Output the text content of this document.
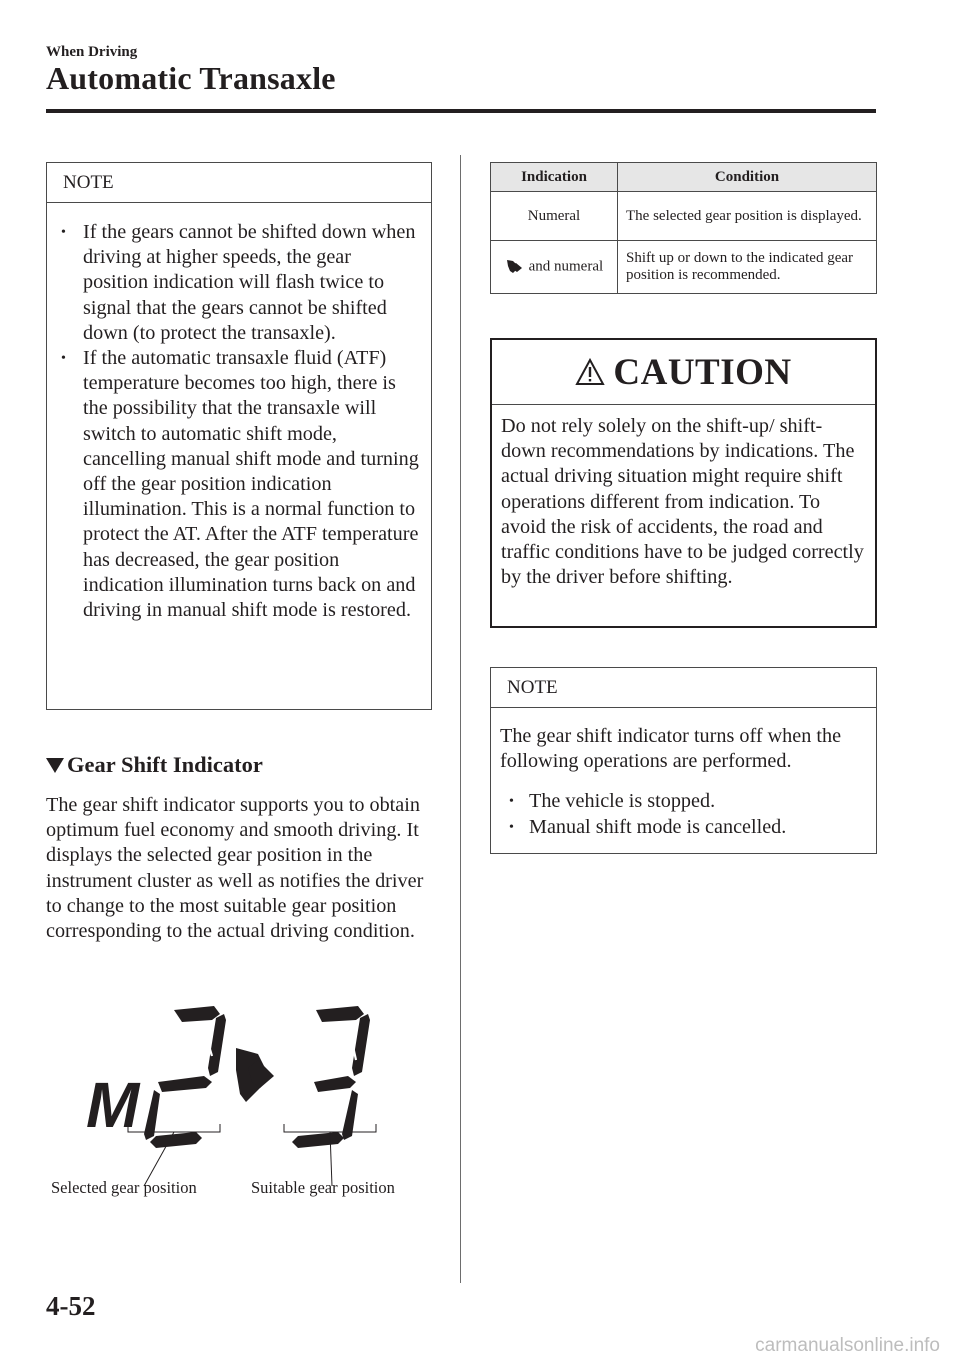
When Driving
Automatic Transaxle
NOTE
• If the gears cannot be shifted down when driving at higher speeds, the gear position indication will flash twice to signal that the gears cannot be shifted down (to protect the transaxle).
• If the automatic transaxle fluid (ATF) temperature becomes too high, there is the possibility that the transaxle will switch to automatic shift mode, cancelling manual shift mode and turning off the gear position indication illumination. This is a normal function to protect the AT. After the ATF temperature has decreased, the gear position indication illumination turns back on and driving in manual shift mode is restored.
Gear Shift Indicator
The gear shift indicator supports you to obtain optimum fuel economy and smooth driving. It displays the selected gear position in the instrument cluster as well as notifies the driver to change to the most suitable gear position corresponding to the actual driving condition.
M
Selected gear position	Suitable gear position
Indication	Condition
Numeral	The selected gear position is displayed.
and numeral	Shift up or down to the indicated gear position is recommended.
CAUTION
Do not rely solely on the shift-up/ shift-down recommendations by indications. The actual driving situation might require shift operations different from indication. To avoid the risk of accidents, the road and traffic conditions have to be judged correctly by the driver before shifting.
NOTE
The gear shift indicator turns off when the following operations are performed.
• The vehicle is stopped.
• Manual shift mode is cancelled.
4-52
carmanualsonline.info
